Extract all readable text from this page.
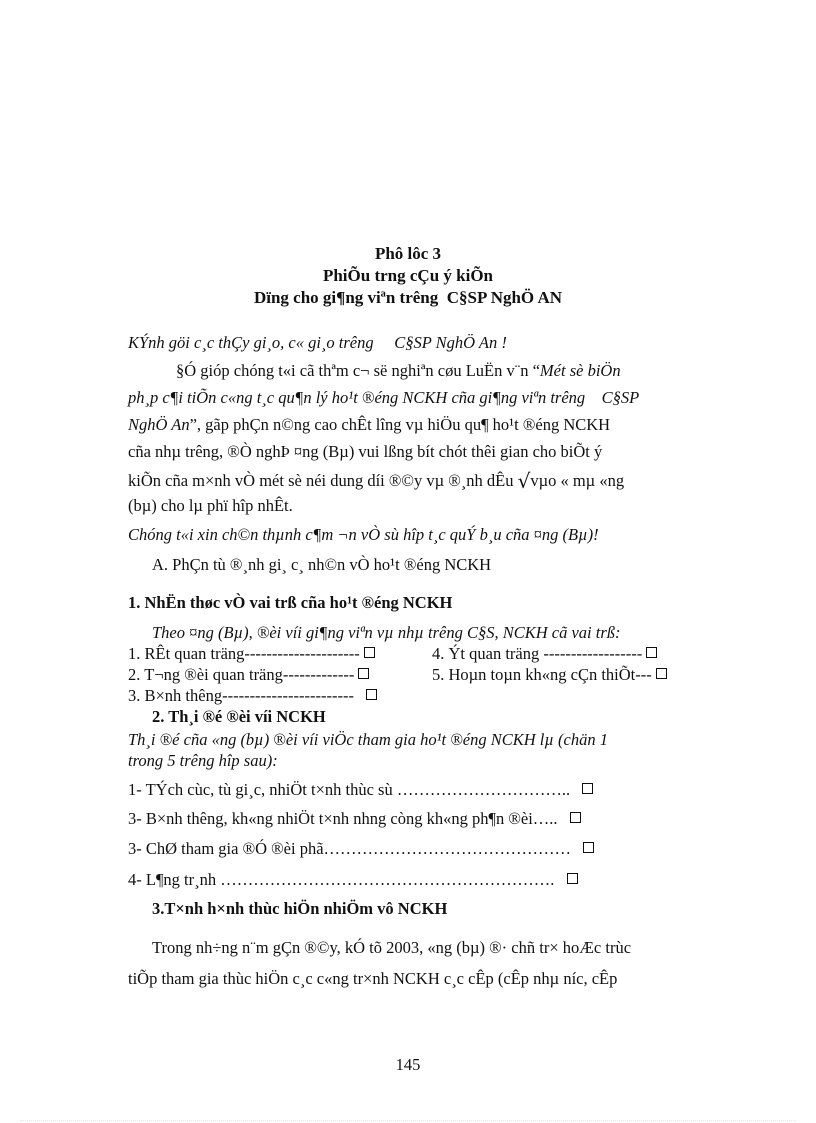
Phô lôc 3
PhiÕu trng cÇu ý kiÕn
Dïng cho gi¶ng viªn trêng C§SP NghÖ AN
KÝnh göi c¸c thÇy gi¸o, c« gi¸o trêng C§SP NghÖ An !
§Ó gióp chóng t«i cã thªm c¬ së nghiªn cøu LuËn v¨n “Mét sè biÖn
ph¸p c¶i tiÕn c«ng t¸c qu¶n lý ho¹t ®éng NCKH cña gi¶ng viªn trêng C§SP
NghÖ An”, gãp phÇn n©ng cao chÊt lîng vµ hiÖu qu¶ ho¹t ®éng NCKH
cña nhµ trêng, ®Ò nghÞ ¤ng (Bµ) vui lßng bít chót thêi gian cho biÕt ý
kiÕn cña m×nh vÒ mét sè néi dung díi ®©y vµ ®¸nh dÊu √vµo « mµ «ng
(bµ) cho lµ phï hîp nhÊt.
Chóng t«i xin ch©n thµnh c¶m ¬n vÒ sù hîp t¸c quÝ b¸u cña ¤ng (Bµ)!
A. PhÇn tù ®¸nh gi¸ c¸ nh©n vÒ ho¹t ®éng NCKH
1. NhËn thøc vÒ vai trß cña ho¹t ®éng NCKH
Theo ¤ng (Bµ), ®èi víi gi¶ng viªn vµ nhµ trêng C§S, NCKH cã vai trß:
1. RÊt quan träng---------------------	4. Ýt quan träng ------------------
2. T¬ng ®èi quan träng-------------	5. Hoµn toµn kh«ng cÇn thiÕt---
3. B×nh thêng------------------------
2. Th¸i ®é ®èi víi NCKH
Th¸i ®é cña «ng (bµ) ®èi víi viÖc tham gia ho¹t ®éng NCKH lµ (chän 1
trong 5 trêng hîp sau):
1- TÝch cùc, tù gi¸c, nhiÖt t×nh thùc sù …………………………..
3- B×nh thêng, kh«ng nhiÖt t×nh nhng còng kh«ng ph¶n ®èi…..
3- ChØ tham gia ®Ó ®èi phã………………………………………
4- L¶ng tr¸nh …………………………………………………….
3.T×nh h×nh thùc hiÖn nhiÖm vô NCKH
Trong nh÷ng n¨m gÇn ®©y, kÓ tõ 2003, «ng (bµ) ®· chñ tr× hoÆc trùc
tiÕp tham gia thùc hiÖn c¸c c«ng tr×nh NCKH c¸c cÊp (cÊp nhµ níc, cÊp
145
